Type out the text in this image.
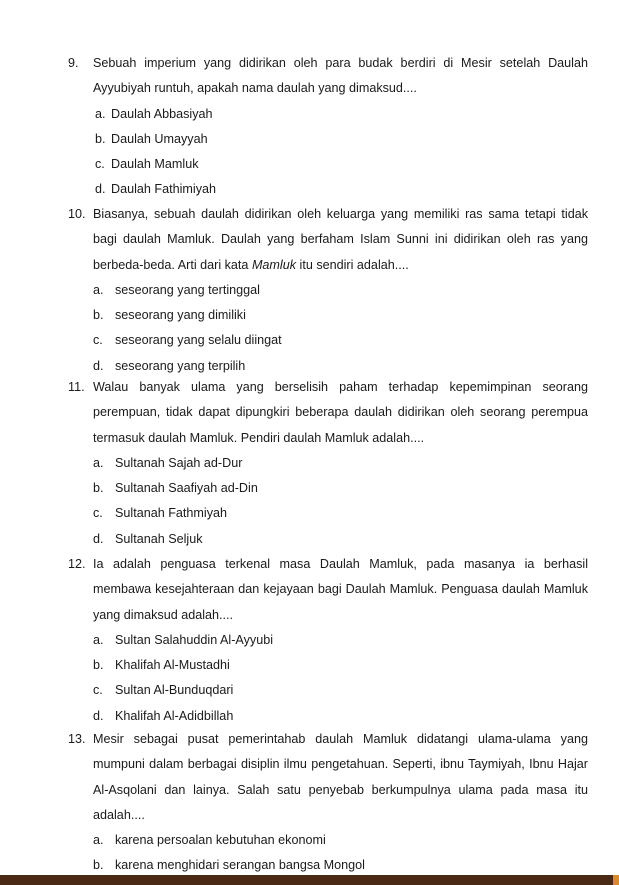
9. Sebuah imperium yang didirikan oleh para budak berdiri di Mesir setelah Daulah Ayyubiyah runtuh, apakah nama daulah yang dimaksud....
a. Daulah Abbasiyah
b. Daulah Umayyah
c. Daulah Mamluk
d. Daulah Fathimiyah
10. Biasanya, sebuah daulah didirikan oleh keluarga yang memiliki ras sama tetapi tidak bagi daulah Mamluk. Daulah yang berfaham Islam Sunni ini didirikan oleh ras yang berbeda-beda. Arti dari kata Mamluk itu sendiri adalah....
a. seseorang yang tertinggal
b. seseorang yang dimiliki
c. seseorang yang selalu diingat
d. seseorang yang terpilih
11. Walau banyak ulama yang berselisih paham terhadap kepemimpinan seorang perempuan, tidak dapat dipungkiri beberapa daulah didirikan oleh seorang perempua termasuk daulah Mamluk. Pendiri daulah Mamluk adalah....
a. Sultanah Sajah ad-Dur
b. Sultanah Saafiyah ad-Din
c. Sultanah Fathmiyah
d. Sultanah Seljuk
12. Ia adalah penguasa terkenal masa Daulah Mamluk, pada masanya ia berhasil membawa kesejahteraan dan kejayaan bagi Daulah Mamluk. Penguasa daulah Mamluk yang dimaksud adalah....
a. Sultan Salahuddin Al-Ayyubi
b. Khalifah Al-Mustadhi
c. Sultan Al-Bunduqdari
d. Khalifah Al-Adidbillah
13. Mesir sebagai pusat pemerintahab daulah Mamluk didatangi ulama-ulama yang mumpuni dalam berbagai disiplin ilmu pengetahuan. Seperti, ibnu Taymiyah, Ibnu Hajar Al-Asqolani dan lainya. Salah satu penyebab berkumpulnya ulama pada masa itu adalah....
a. karena persoalan kebutuhan ekonomi
b. karena menghidari serangan bangsa Mongol
